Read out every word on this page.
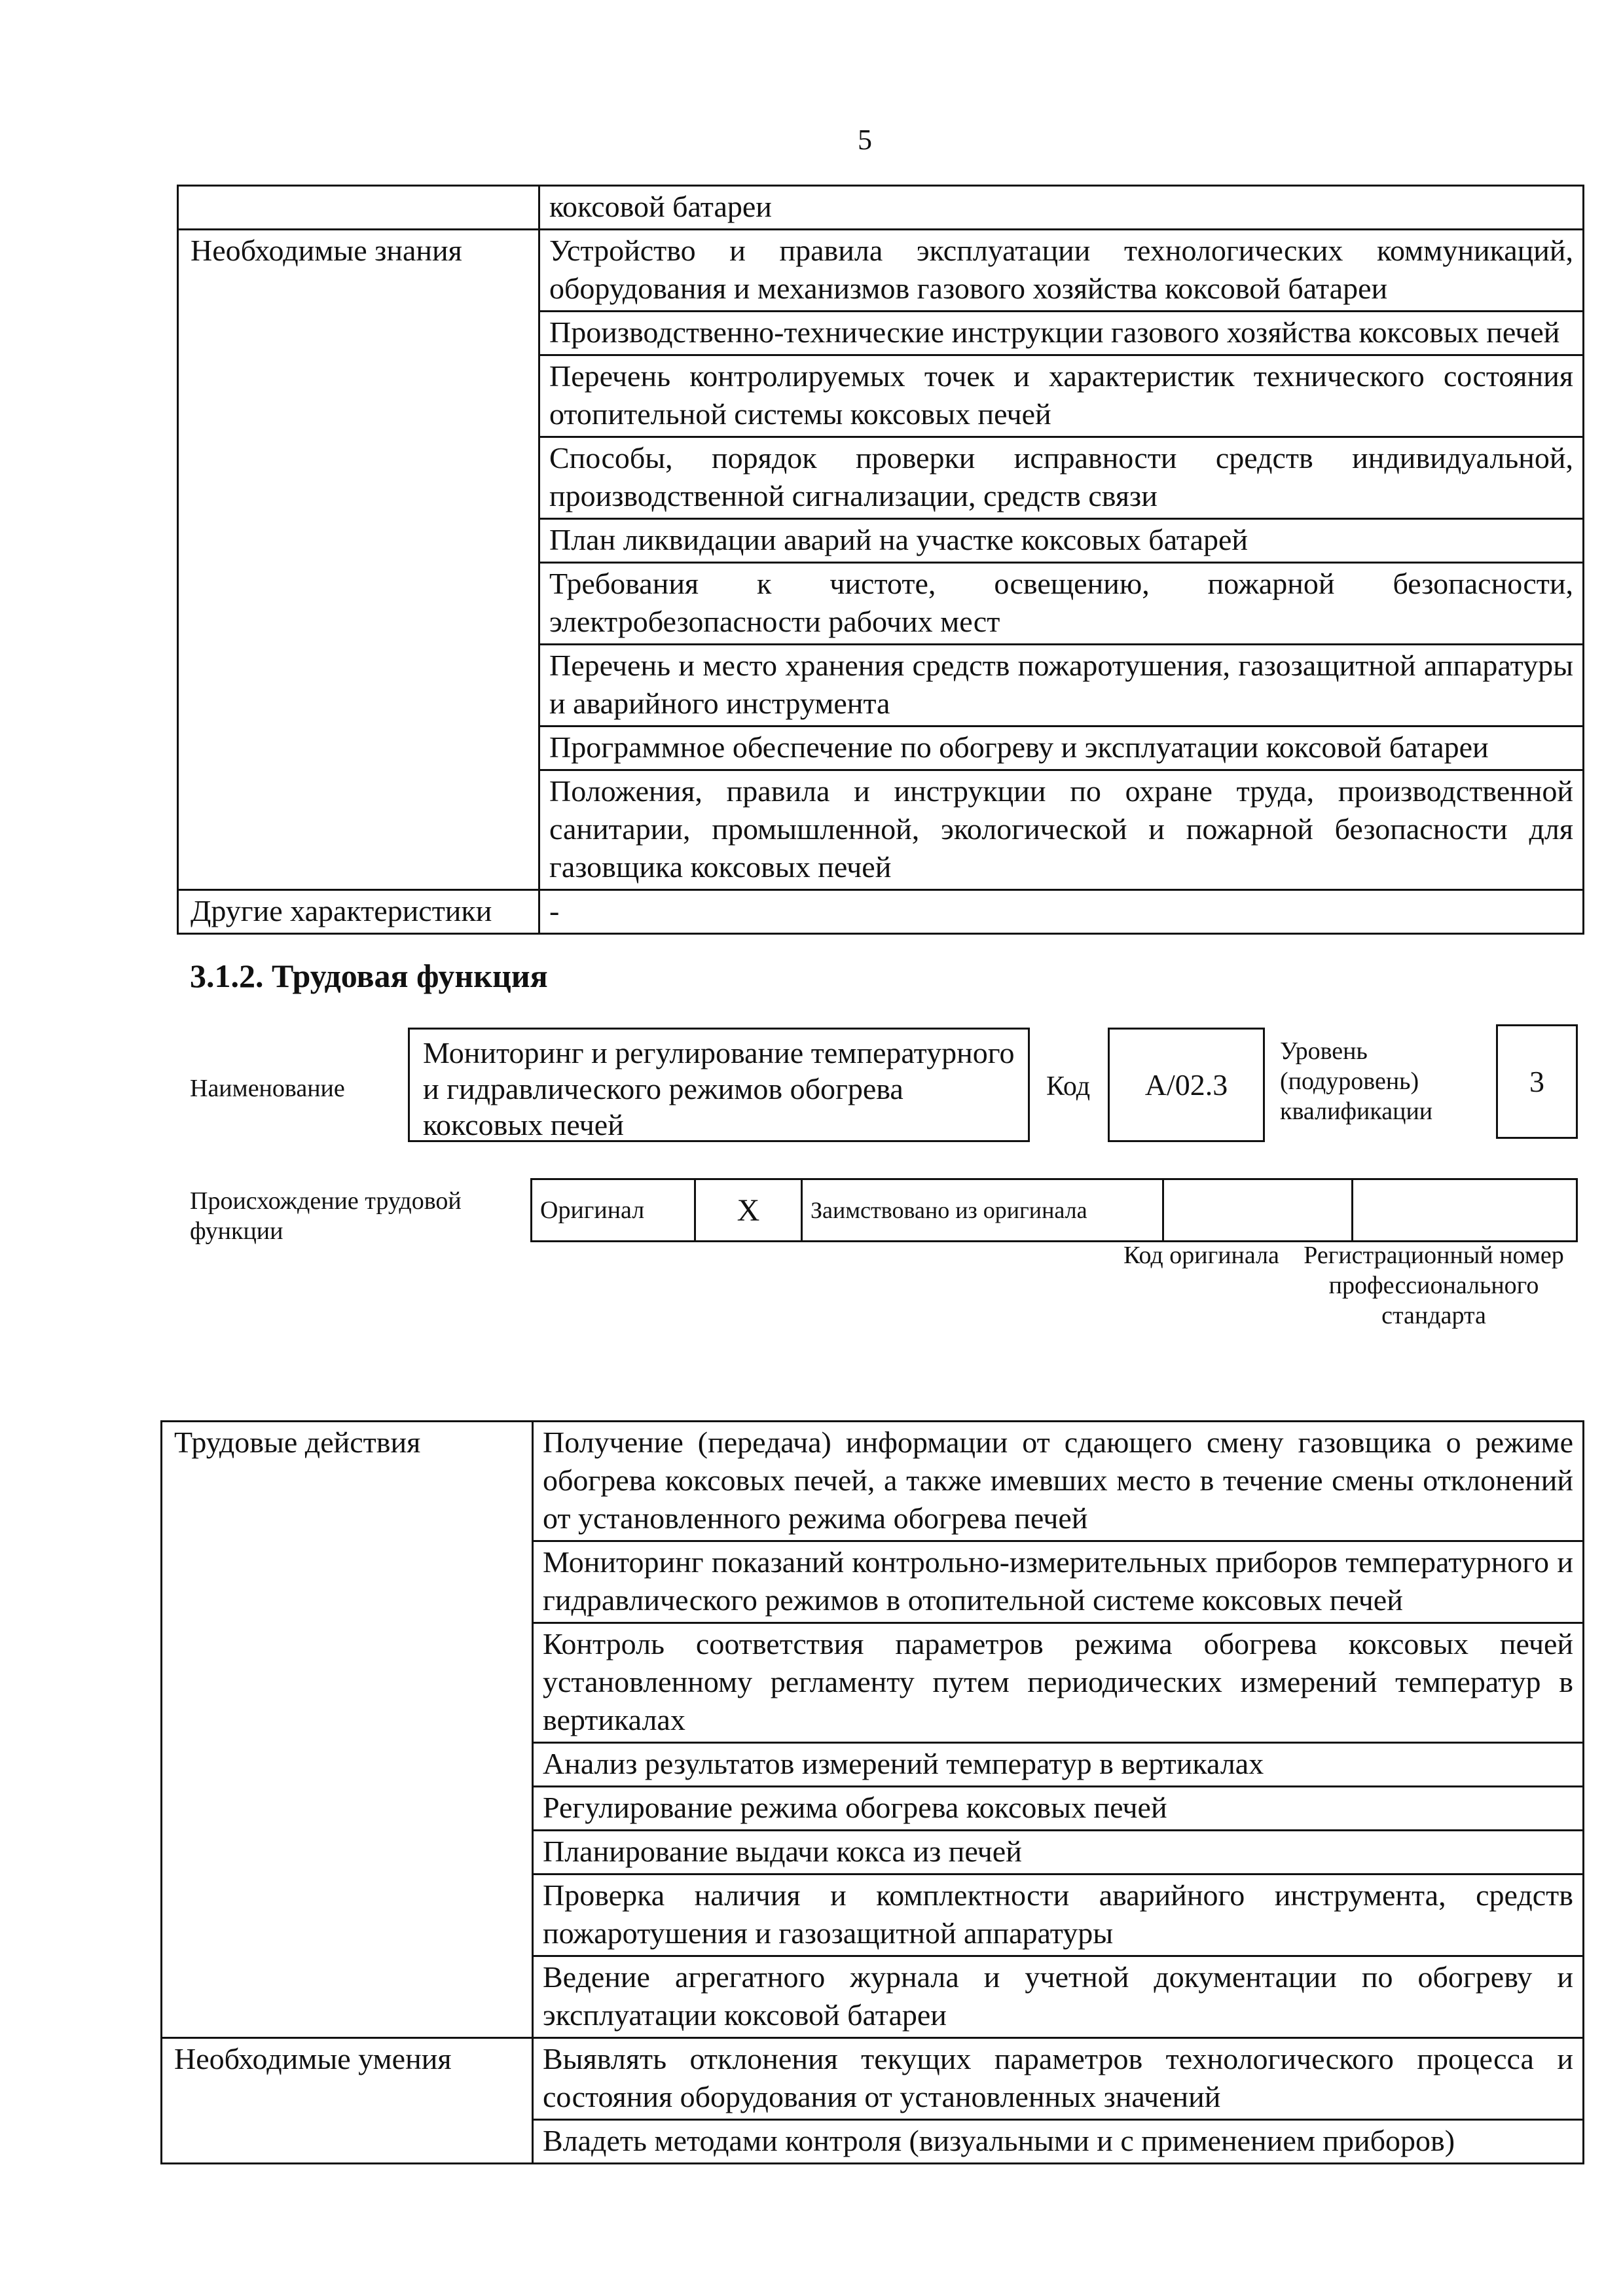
5
	коксовой батареи
Необходимые знания	Устройство и правила эксплуатации технологических коммуникаций, оборудования и механизмов газового хозяйства коксовой батареи
	Производственно-технические инструкции газового хозяйства коксовых печей
	Перечень контролируемых точек и характеристик технического состояния отопительной системы коксовых печей
	Способы, порядок проверки исправности средств индивидуальной, производственной сигнализации, средств связи
	План ликвидации аварий на участке коксовых батарей
	Требования к чистоте, освещению, пожарной безопасности, электробезопасности рабочих мест
	Перечень и место хранения средств пожаротушения, газозащитной аппаратуры и аварийного инструмента
	Программное обеспечение по обогреву и эксплуатации коксовой батареи
	Положения, правила и инструкции по охране труда, производственной санитарии, промышленной, экологической и пожарной безопасности для газовщика коксовых печей
Другие характеристики	-
3.1.2. Трудовая функция
Наименование
Мониторинг и регулирование температурного и гидравлического режимов обогрева коксовых печей
Код	А/02.3
Уровень
(подуровень)
квалификации
3
Происхождение трудовой функции
Оригинал	X	Заимствовано из оригинала		
Код оригинала Регистрационный номер профессионального стандарта
Трудовые действия	Получение (передача) информации от сдающего смену газовщика о режиме обогрева коксовых печей, а также имевших место в течение смены отклонений от установленного режима обогрева печей
	Мониторинг показаний контрольно-измерительных приборов температурного и гидравлического режимов в отопительной системе коксовых печей
	Контроль соответствия параметров режима обогрева коксовых печей установленному регламенту путем периодических измерений температур в вертикалах
	Анализ результатов измерений температур в вертикалах
	Регулирование режима обогрева коксовых печей
	Планирование выдачи кокса из печей
	Проверка наличия и комплектности аварийного инструмента, средств пожаротушения и газозащитной аппаратуры
	Ведение агрегатного журнала и учетной документации по обогреву и эксплуатации коксовой батареи
Необходимые умения	Выявлять отклонения текущих параметров технологического процесса и состояния оборудования от установленных значений
	Владеть методами контроля (визуальными и с применением приборов)
